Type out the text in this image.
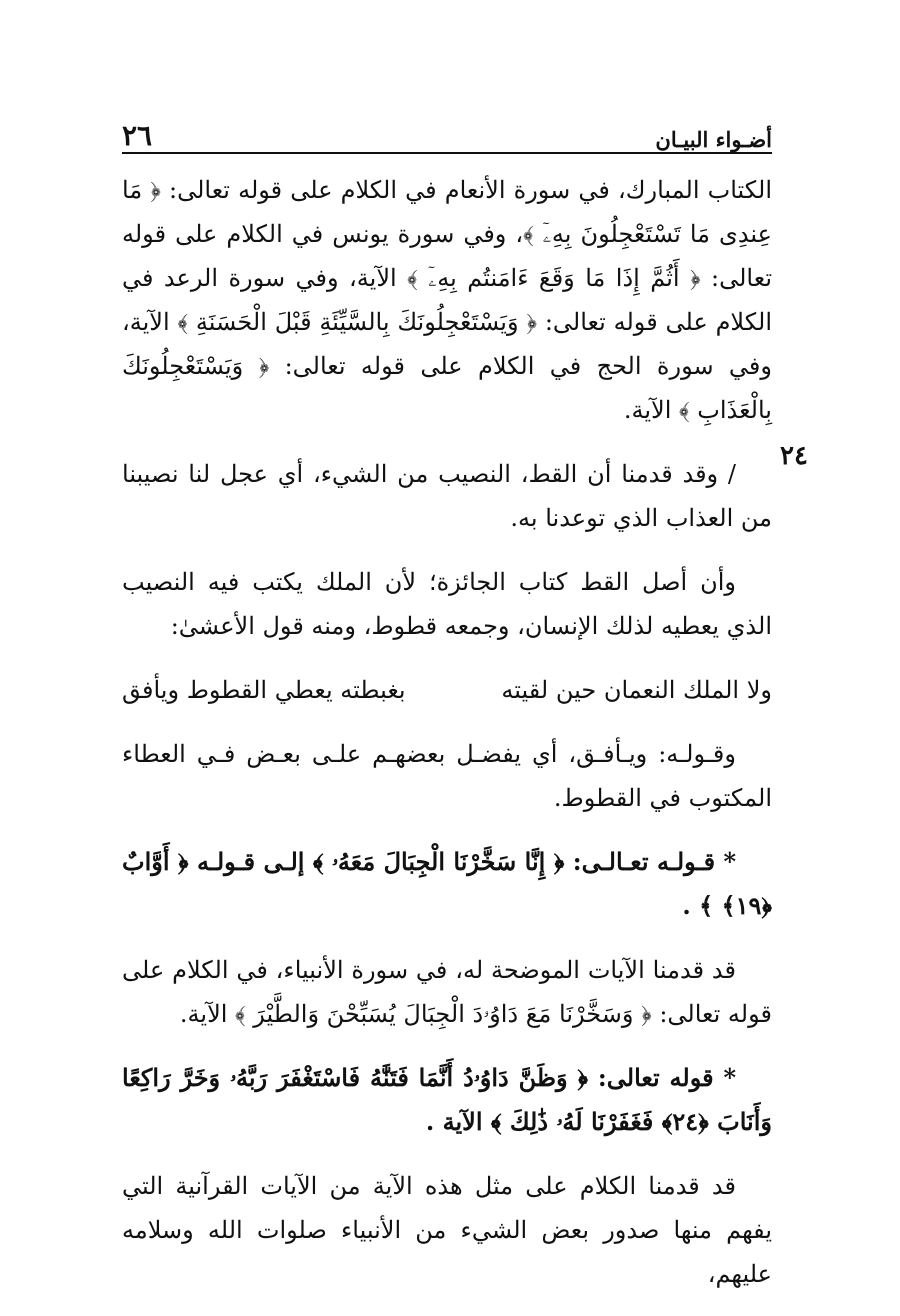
٢٦	أضـواء البيـان
٢٤

الكتاب المبارك، في سورة الأنعام في الكلام على قوله تعالى: ﴿ مَا عِندِى مَا تَسْتَعْجِلُونَ بِهِۦٓ ﴾، وفي سورة يونس في الكلام على قوله تعالى: ﴿ أَثُمَّ إِذَا مَا وَقَعَ ءَامَنتُم بِهِۦٓ ﴾ الآية، وفي سورة الرعد في الكلام على قوله تعالى: ﴿ وَيَسْتَعْجِلُونَكَ بِالسَّيِّئَةِ قَبْلَ الْحَسَنَةِ ﴾ الآية، وفي سورة الحج في الكلام على قوله تعالى: ﴿ وَيَسْتَعْجِلُونَكَ بِالْعَذَابِ ﴾ الآية.

/ وقد قدمنا أن القط، النصيب من الشيء، أي عجل لنا نصيبنا من العذاب الذي توعدنا به.

وأن أصل القط كتاب الجائزة؛ لأن الملك يكتب فيه النصيب الذي يعطيه لذلك الإنسان، وجمعه قطوط، ومنه قول الأعشىٰ:

ولا الملك النعمان حين لقيته
بغبطته يعطي القطوط ويأفق

وقـولـه: ويـأفـق، أي يفضـل بعضهـم علـى بعـض فـي العطاء المكتوب في القطوط.

* قـولـه تعـالـى: ﴿ إِنَّا سَخَّرْنَا الْجِبَالَ مَعَهُۥ ﴾ إلـى قـولـه ﴿ أَوَّابٌ ﴿١٩﴾ ﴾ .

قد قدمنا الآيات الموضحة له، في سورة الأنبياء، في الكلام على قوله تعالى: ﴿ وَسَخَّرْنَا مَعَ دَاوُۥدَ الْجِبَالَ يُسَبِّحْنَ وَالطَّيْرَ ﴾ الآية.

* قوله تعالى: ﴿ وَظَنَّ دَاوُۥدُ أَنَّمَا فَتَنَّٰهُ فَاسْتَغْفَرَ رَبَّهُۥ وَخَرَّ رَاكِعًا وَأَنَابَ ﴿٢٤﴾ فَغَفَرْنَا لَهُۥ ذَٰلِكَ ﴾ الآية .

قد قدمنا الكلام على مثل هذه الآية من الآيات القرآنية التي يفهم منها صدور بعض الشيء من الأنبياء صلوات الله وسلامه عليهم،
